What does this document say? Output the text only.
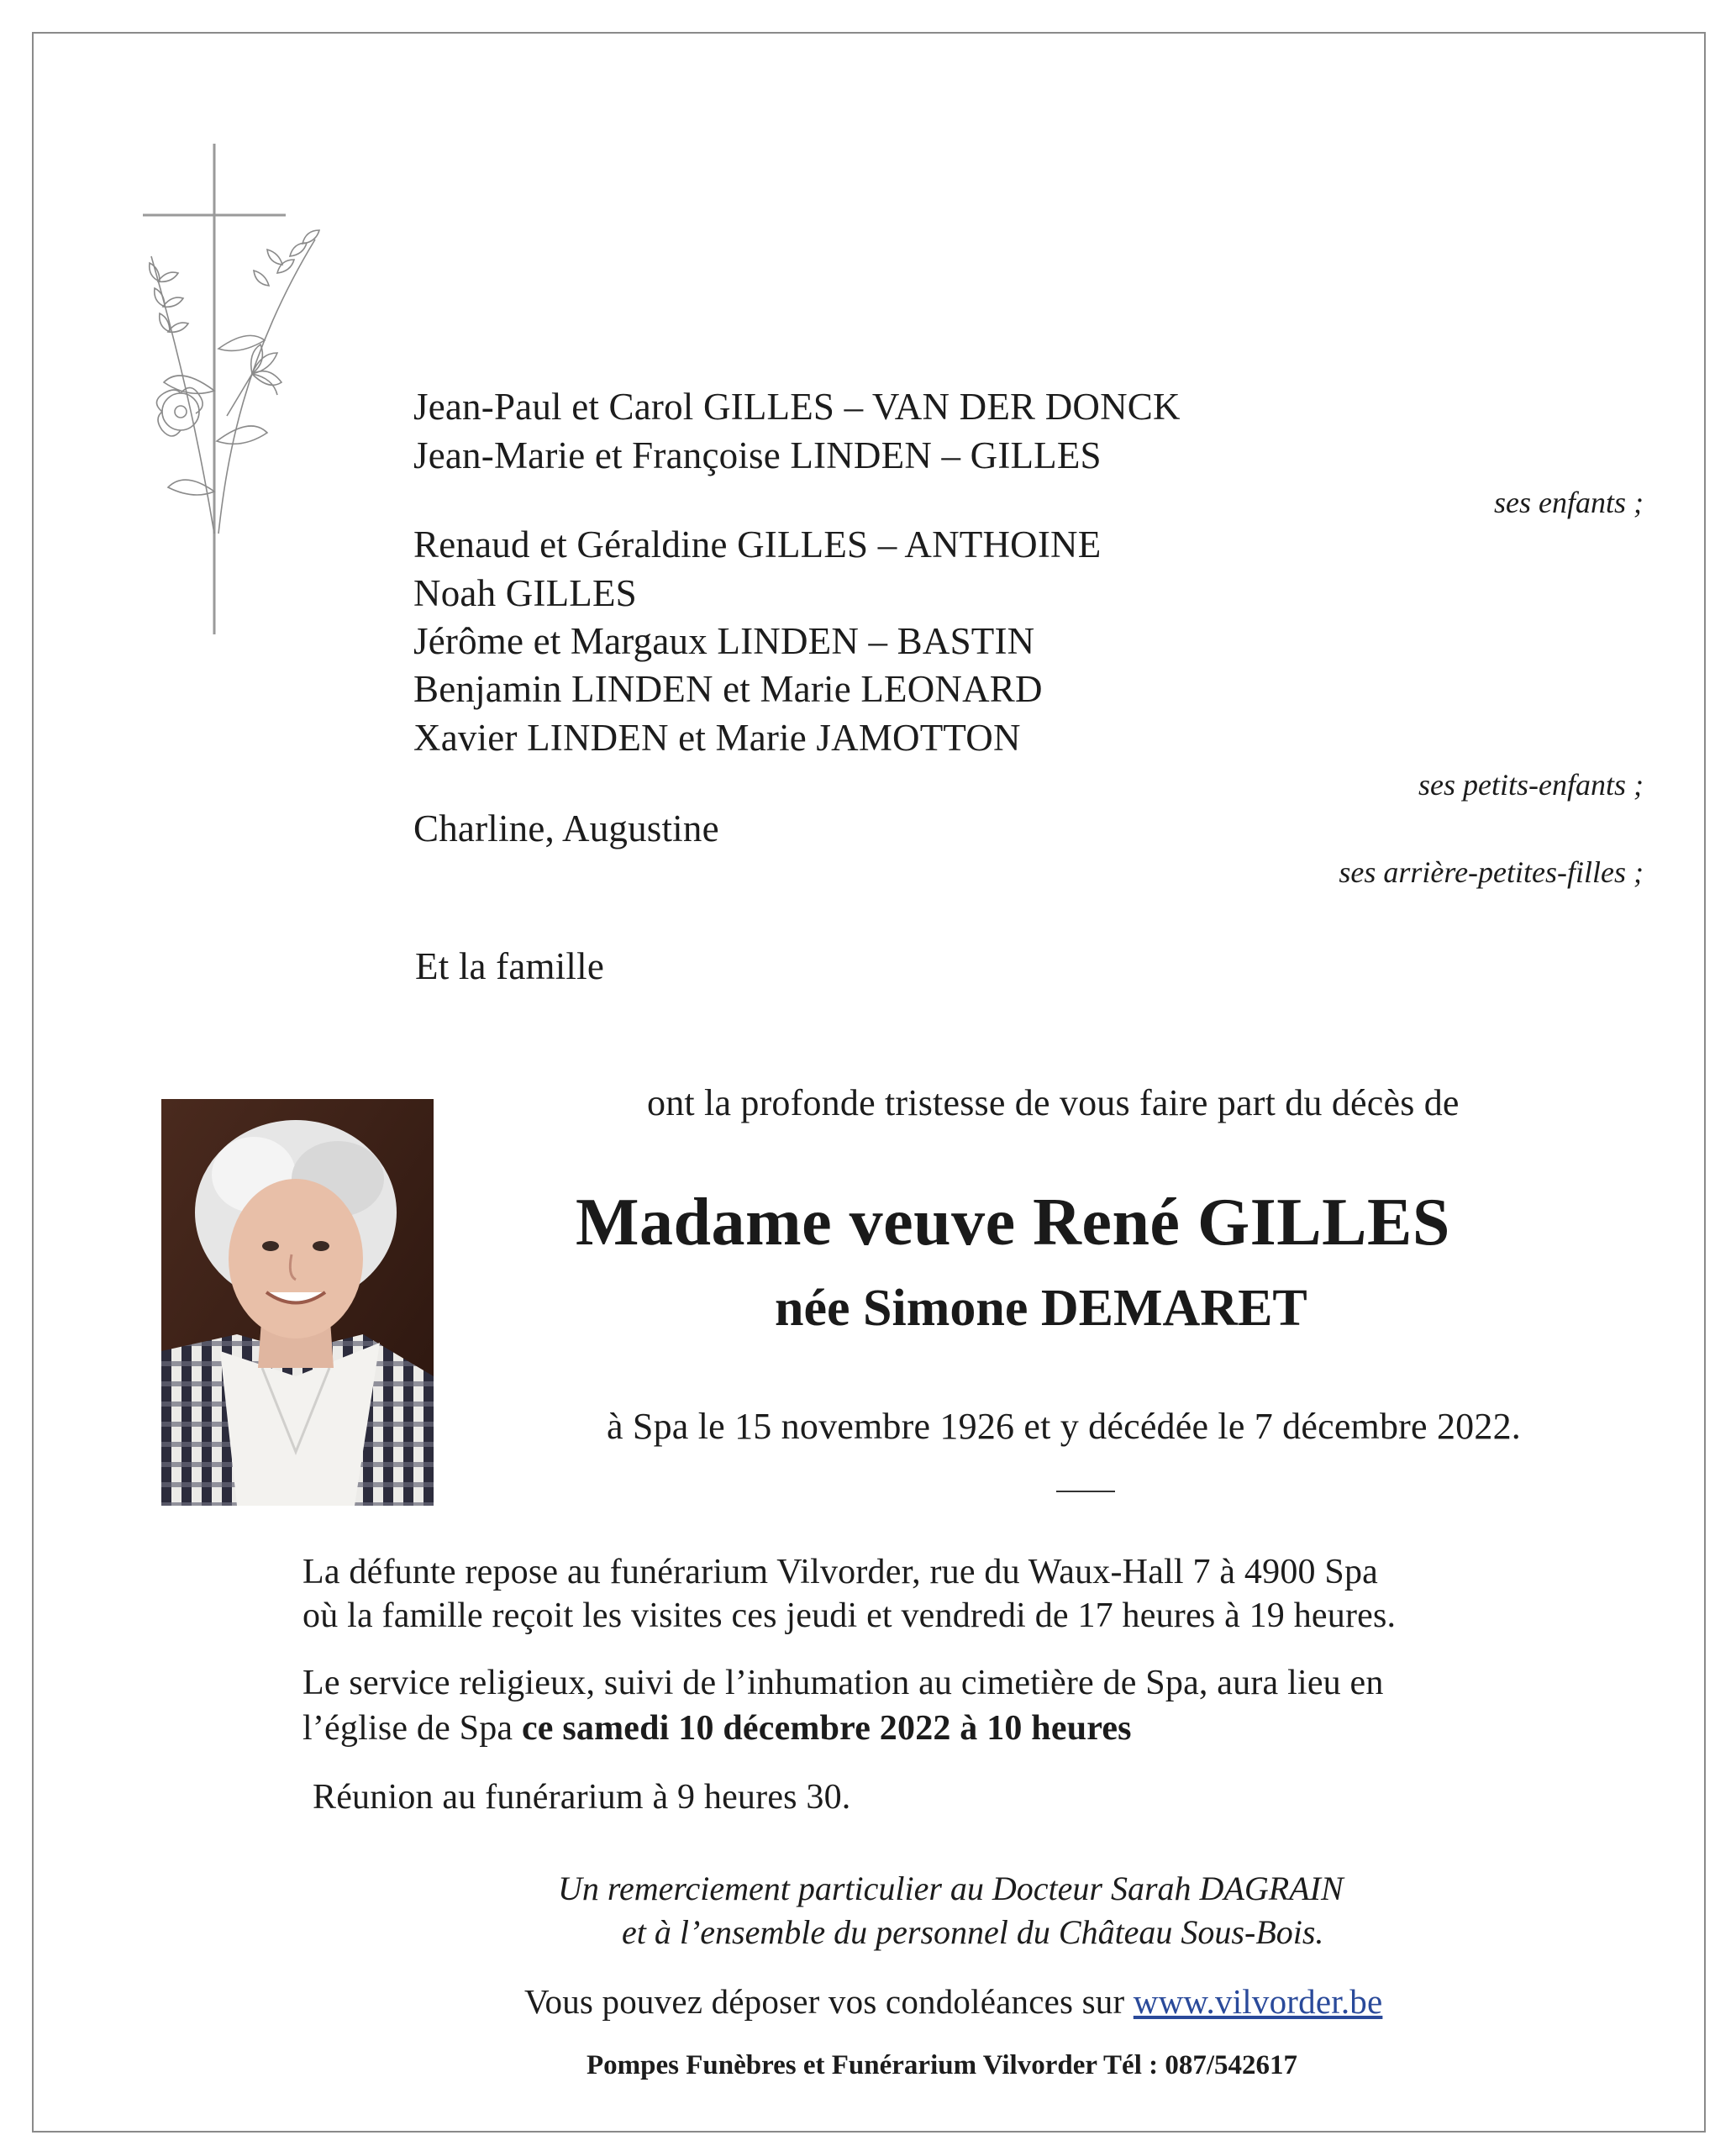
Jean-Paul et Carol GILLES – VAN DER DONCK
Jean-Marie et Françoise LINDEN – GILLES
ses enfants ;
Renaud et Géraldine GILLES – ANTHOINE
Noah GILLES
Jérôme et Margaux LINDEN – BASTIN
Benjamin LINDEN et Marie LEONARD
Xavier LINDEN et Marie JAMOTTON
ses petits-enfants ;
Charline, Augustine
ses arrière-petites-filles ;
Et la famille
ont la profonde tristesse de vous faire part du décès de
Madame veuve René GILLES
née Simone DEMARET
à Spa le 15 novembre 1926 et y décédée le 7 décembre 2022.
La défunte repose au funérarium Vilvorder, rue du Waux-Hall 7 à 4900 Spa
où la famille reçoit les visites ces jeudi et vendredi de 17 heures à 19 heures.
Le service religieux, suivi de l’inhumation au cimetière de Spa, aura lieu en
l’église de Spa ce samedi 10 décembre 2022 à 10 heures
Réunion au funérarium à 9 heures 30.
Un remerciement particulier au Docteur Sarah DAGRAIN
et à l’ensemble du personnel du Château Sous-Bois.
Vous pouvez déposer vos condoléances sur www.vilvorder.be
Pompes Funèbres et Funérarium Vilvorder Tél : 087/542617
